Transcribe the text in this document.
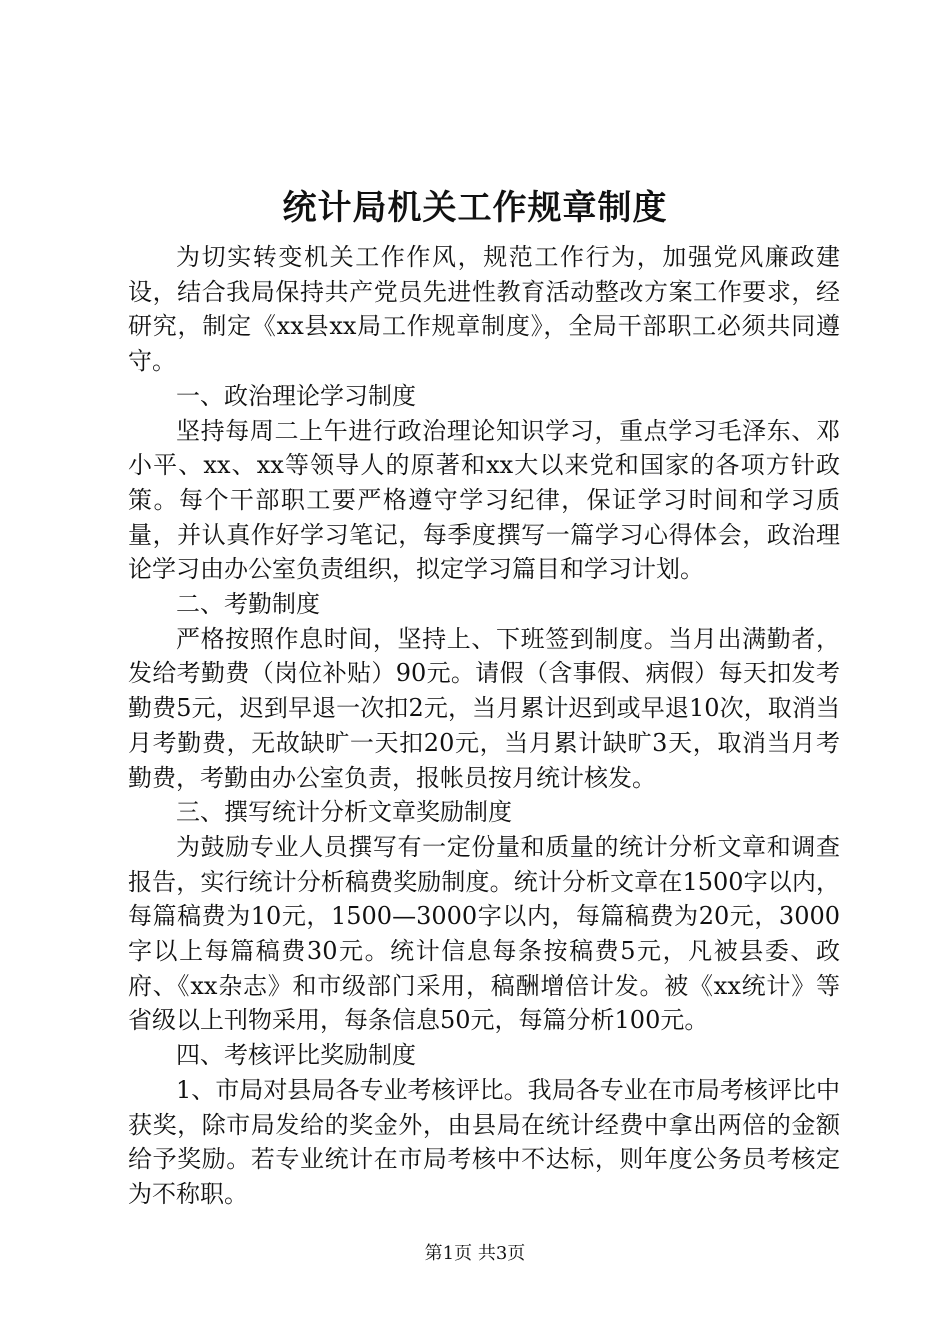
统计局机关工作规章制度

为切实转变机关工作作风，规范工作行为，加强党风廉政建设，结合我局保持共产党员先进性教育活动整改方案工作要求，经研究，制定《xx县xx局工作规章制度》，全局干部职工必须共同遵守。

一、政治理论学习制度

坚持每周二上午进行政治理论知识学习，重点学习毛泽东、邓小平、xx、xx等领导人的原著和xx大以来党和国家的各项方针政策。每个干部职工要严格遵守学习纪律，保证学习时间和学习质量，并认真作好学习笔记，每季度撰写一篇学习心得体会，政治理论学习由办公室负责组织，拟定学习篇目和学习计划。

二、考勤制度

严格按照作息时间，坚持上、下班签到制度。当月出满勤者，发给考勤费（岗位补贴）90元。请假（含事假、病假）每天扣发考勤费5元，迟到早退一次扣2元，当月累计迟到或早退10次，取消当月考勤费，无故缺旷一天扣20元，当月累计缺旷3天，取消当月考勤费，考勤由办公室负责，报帐员按月统计核发。

三、撰写统计分析文章奖励制度

为鼓励专业人员撰写有一定份量和质量的统计分析文章和调查报告，实行统计分析稿费奖励制度。统计分析文章在1500字以内，每篇稿费为10元，1500—3000字以内，每篇稿费为20元，3000字以上每篇稿费30元。统计信息每条按稿费5元，凡被县委、政府、《xx杂志》和市级部门采用，稿酬增倍计发。被《xx统计》等省级以上刊物采用，每条信息50元，每篇分析100元。

四、考核评比奖励制度

1、市局对县局各专业考核评比。我局各专业在市局考核评比中获奖，除市局发给的奖金外，由县局在统计经费中拿出两倍的金额给予奖励。若专业统计在市局考核中不达标，则年度公务员考核定为不称职。

第1页 共3页
